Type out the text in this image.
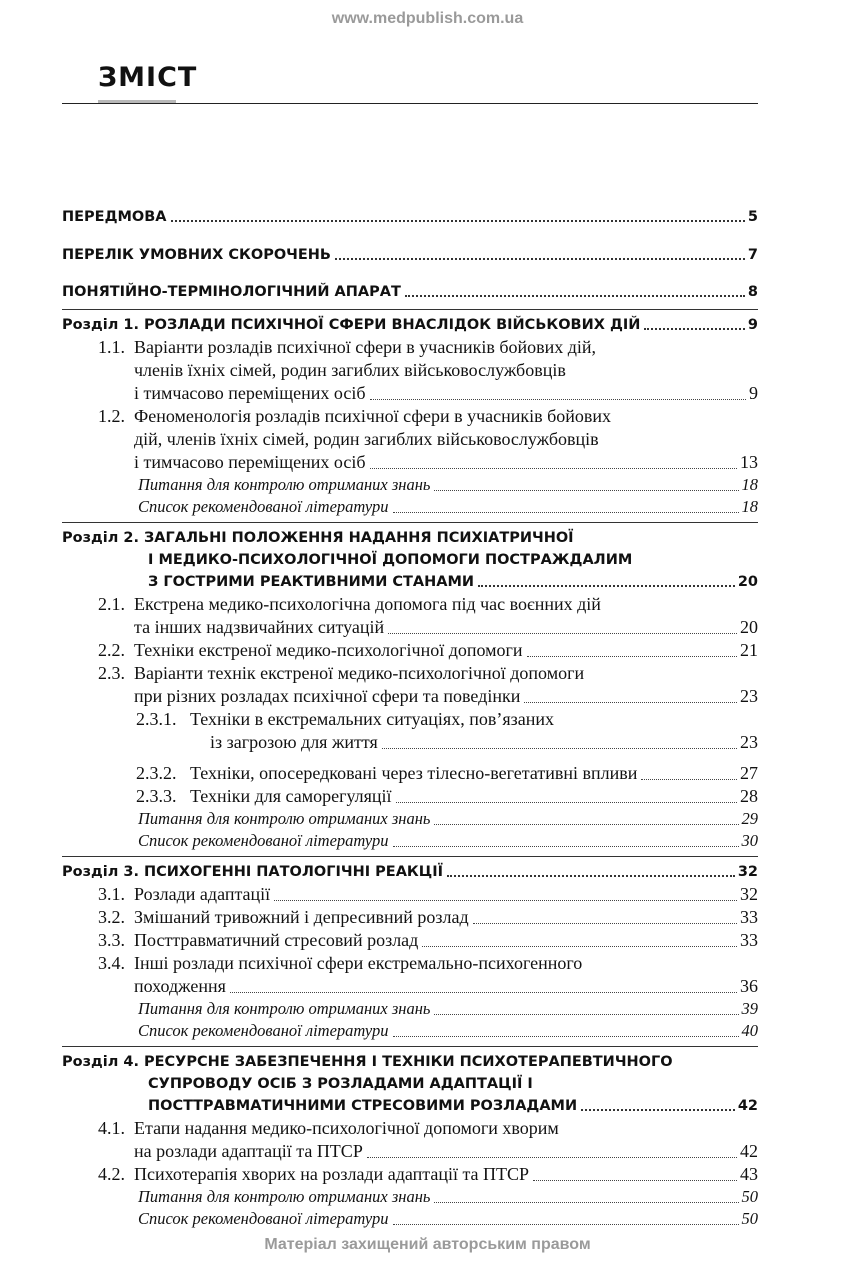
www.medpublish.com.ua
ЗМІСТ
ПЕРЕДМОВА	5
ПЕРЕЛІК УМОВНИХ СКОРОЧЕНЬ	7
ПОНЯТІЙНО-ТЕРМІНОЛОГІЧНИЙ АПАРАТ	8
Розділ 1. РОЗЛАДИ ПСИХІЧНОЇ СФЕРИ ВНАСЛІДОК ВІЙСЬКОВИХ ДІЙ	9
1.1. Варіанти розладів психічної сфери в учасників бойових дій,
членів їхніх сімей, родин загиблих військовослужбовців
і тимчасово переміщених осіб	9
1.2. Феноменологія розладів психічної сфери в учасників бойових
дій, членів їхніх сімей, родин загиблих військовослужбовців
і тимчасово переміщених осіб	13
Питання для контролю отриманих знань	18
Список рекомендованої літератури	18
Розділ 2. ЗАГАЛЬНІ ПОЛОЖЕННЯ НАДАННЯ ПСИХІАТРИЧНОЇ
І МЕДИКО-ПСИХОЛОГІЧНОЇ ДОПОМОГИ ПОСТРАЖДАЛИМ
З ГОСТРИМИ РЕАКТИВНИМИ СТАНАМИ	20
2.1. Екстрена медико-психологічна допомога під час воєнних дій
та інших надзвичайних ситуацій	20
2.2. Техніки екстреної медико-психологічної допомоги	21
2.3. Варіанти технік екстреної медико-психологічної допомоги
при різних розладах психічної сфери та поведінки	23
2.3.1. Техніки в екстремальних ситуаціях, пов’язаних
із загрозою для життя	23
2.3.2. Техніки, опосередковані через тілесно-вегетативні впливи	27
2.3.3. Техніки для саморегуляції	28
Питання для контролю отриманих знань	29
Список рекомендованої літератури	30
Розділ 3. ПСИХОГЕННІ ПАТОЛОГІЧНІ РЕАКЦІЇ	32
3.1. Розлади адаптації	32
3.2. Змішаний тривожний і депресивний розлад	33
3.3. Посттравматичний стресовий розлад	33
3.4. Інші розлади психічної сфери екстремально-психогенного
походження	36
Питання для контролю отриманих знань	39
Список рекомендованої літератури	40
Розділ 4. РЕСУРСНЕ ЗАБЕЗПЕЧЕННЯ І ТЕХНІКИ ПСИХОТЕРАПЕВТИЧНОГО
СУПРОВОДУ ОСІБ З РОЗЛАДАМИ АДАПТАЦІЇ І
ПОСТТРАВМАТИЧНИМИ СТРЕСОВИМИ РОЗЛАДАМИ	42
4.1. Етапи надання медико-психологічної допомоги хворим
на розлади адаптації та ПТСР	42
4.2. Психотерапія хворих на розлади адаптації та ПТСР	43
Питання для контролю отриманих знань	50
Список рекомендованої літератури	50
Матеріал захищений авторським правом
